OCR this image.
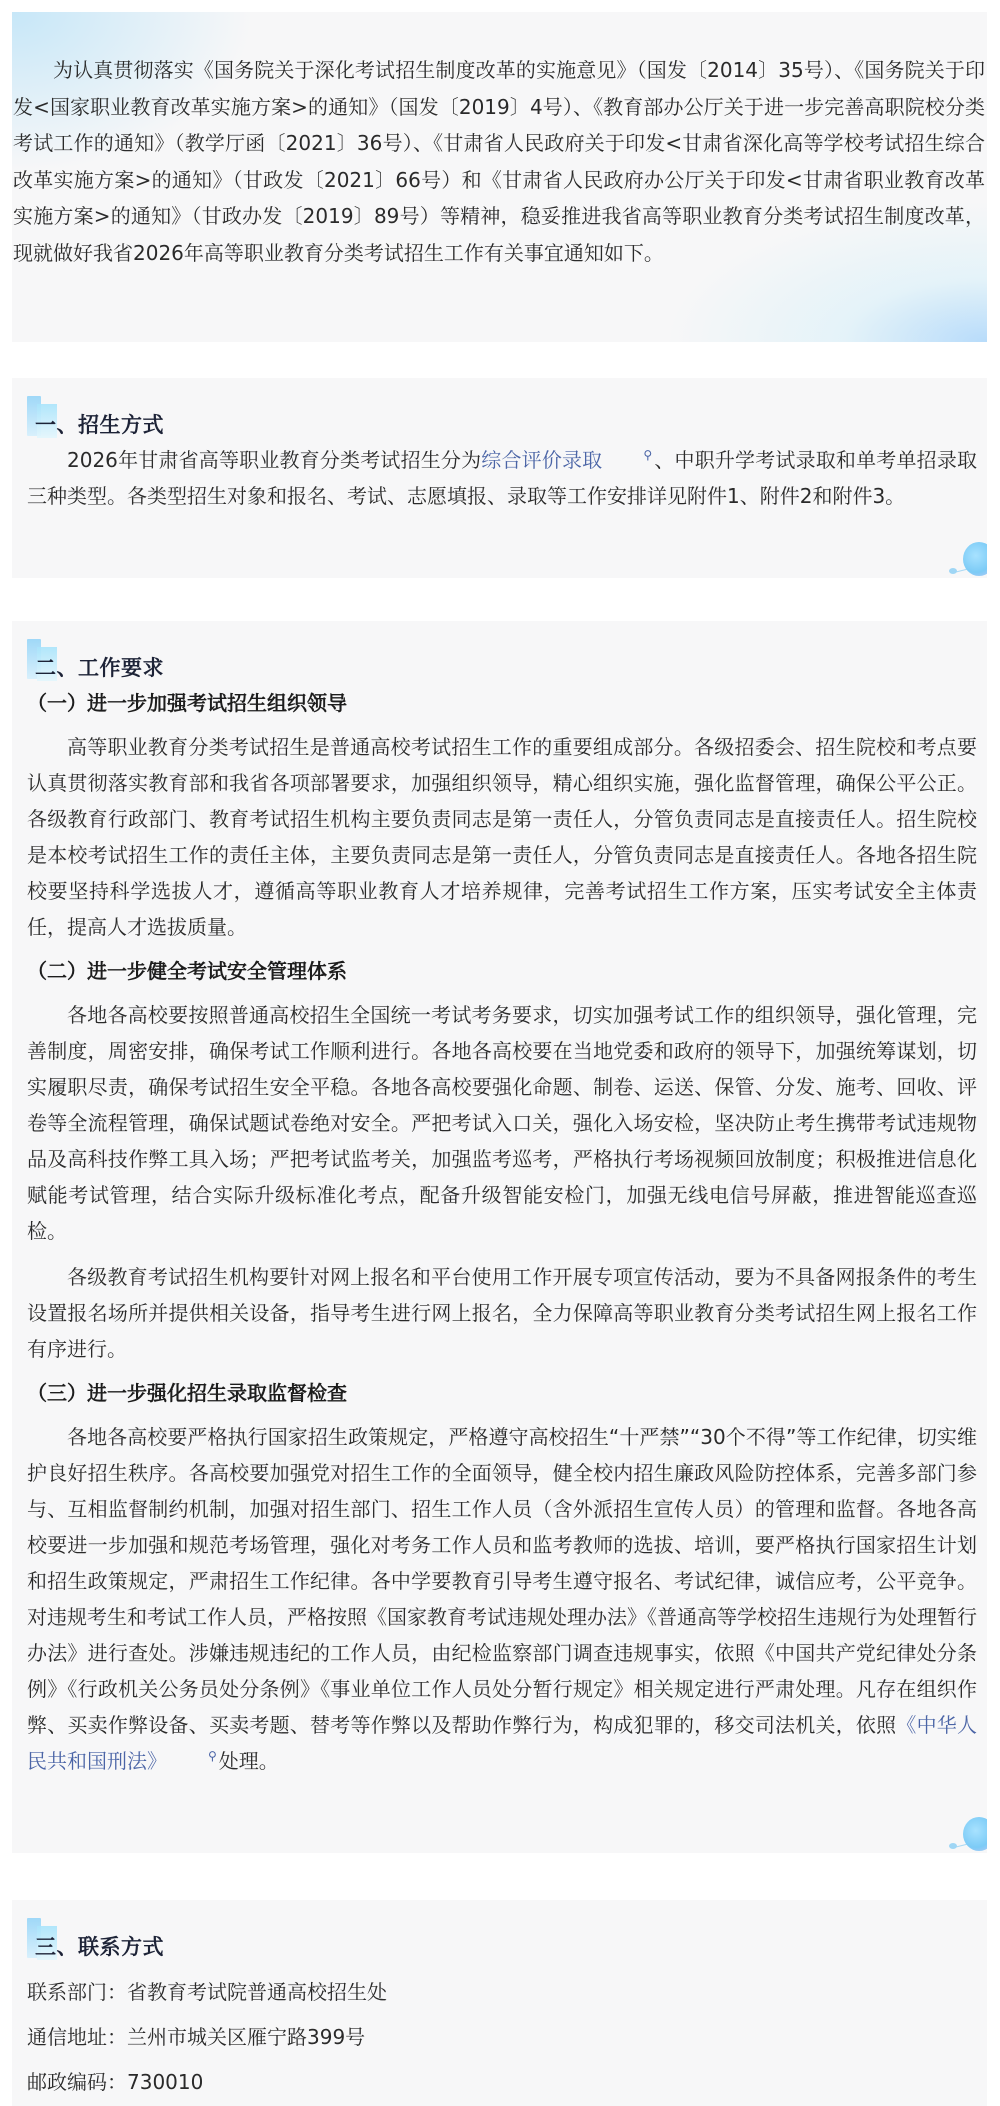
为认真贯彻落实《国务院关于深化考试招生制度改革的实施意见》（国发〔2014〕35号）、《国务院关于印发<国家职业教育改革实施方案>的通知》（国发〔2019〕4号）、《教育部办公厅关于进一步完善高职院校分类考试工作的通知》（教学厅函〔2021〕36号）、《甘肃省人民政府关于印发<甘肃省深化高等学校考试招生综合改革实施方案>的通知》（甘政发〔2021〕66号）和《甘肃省人民政府办公厅关于印发<甘肃省职业教育改革实施方案>的通知》（甘政办发〔2019〕89号）等精神，稳妥推进我省高等职业教育分类考试招生制度改革，现就做好我省2026年高等职业教育分类考试招生工作有关事宜通知如下。

一、招生方式

2026年甘肃省高等职业教育分类考试招生分为综合评价录取	⚲ 、中职升学考试录取和单考单招录取三种类型。各类型招生对象和报名、考试、志愿填报、录取等工作安排详见附件1、附件2和附件3。

二、工作要求
（一）进一步加强考试招生组织领导

高等职业教育分类考试招生是普通高校考试招生工作的重要组成部分。各级招委会、招生院校和考点要认真贯彻落实教育部和我省各项部署要求，加强组织领导，精心组织实施，强化监督管理，确保公平公正。各级教育行政部门、教育考试招生机构主要负责同志是第一责任人，分管负责同志是直接责任人。招生院校是本校考试招生工作的责任主体，主要负责同志是第一责任人，分管负责同志是直接责任人。各地各招生院校要坚持科学选拔人才，遵循高等职业教育人才培养规律，完善考试招生工作方案，压实考试安全主体责任，提高人才选拔质量。

（二）进一步健全考试安全管理体系

各地各高校要按照普通高校招生全国统一考试考务要求，切实加强考试工作的组织领导，强化管理，完善制度，周密安排，确保考试工作顺利进行。各地各高校要在当地党委和政府的领导下，加强统筹谋划，切实履职尽责，确保考试招生安全平稳。各地各高校要强化命题、制卷、运送、保管、分发、施考、回收、评卷等全流程管理，确保试题试卷绝对安全。严把考试入口关，强化入场安检，坚决防止考生携带考试违规物品及高科技作弊工具入场；严把考试监考关，加强监考巡考，严格执行考场视频回放制度；积极推进信息化赋能考试管理，结合实际升级标准化考点，配备升级智能安检门，加强无线电信号屏蔽，推进智能巡查巡检。

各级教育考试招生机构要针对网上报名和平台使用工作开展专项宣传活动，要为不具备网报条件的考生设置报名场所并提供相关设备，指导考生进行网上报名，全力保障高等职业教育分类考试招生网上报名工作有序进行。

（三）进一步强化招生录取监督检查

各地各高校要严格执行国家招生政策规定，严格遵守高校招生“十严禁”“30个不得”等工作纪律，切实维护良好招生秩序。各高校要加强党对招生工作的全面领导，健全校内招生廉政风险防控体系，完善多部门参与、互相监督制约机制，加强对招生部门、招生工作人员（含外派招生宣传人员）的管理和监督。各地各高校要进一步加强和规范考场管理，强化对考务工作人员和监考教师的选拔、培训，要严格执行国家招生计划和招生政策规定，严肃招生工作纪律。各中学要教育引导考生遵守报名、考试纪律，诚信应考，公平竞争。对违规考生和考试工作人员，严格按照《国家教育考试违规处理办法》《普通高等学校招生违规行为处理暂行办法》进行查处。涉嫌违规违纪的工作人员，由纪检监察部门调查违规事实，依照《中国共产党纪律处分条例》《行政机关公务员处分条例》《事业单位工作人员处分暂行规定》相关规定进行严肃处理。凡存在组织作弊、买卖作弊设备、买卖考题、替考等作弊以及帮助作弊行为，构成犯罪的，移交司法机关，依照《中华人民共和国刑法》	⚲ 处理。

三、联系方式

联系部门：省教育考试院普通高校招生处

通信地址：兰州市城关区雁宁路399号

邮政编码：730010
